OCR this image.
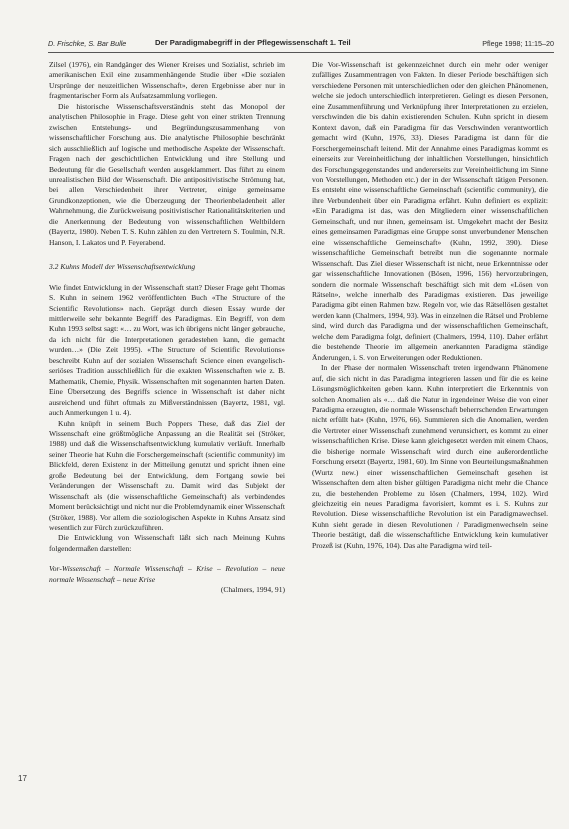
D. Frischke, S. Bar Bulle	Der Paradigmabegriff in der Pflegewissenschaft 1. Teil	Pflege 1998; 11:15–20

Zilsel (1976), ein Randgänger des Wiener Kreises und Sozialist, schrieb im amerikanischen Exil eine zusammenhängende Studie über «Die sozialen Ursprünge der neuzeitlichen Wissenschaft», deren Ergebnisse aber nur in fragmentarischer Form als Aufsatzsammlung vorliegen.

Die historische Wissenschaftsverständnis steht das Monopol der analytischen Philosophie in Frage. Diese geht von einer strikten Trennung zwischen Entstehungs- und Begründungszusammenhang von wissenschaftlicher Forschung aus. Die analytische Philosophie beschränkt sich ausschließlich auf logische und methodische Aspekte der Wissenschaft. Fragen nach der geschichtlichen Entwicklung und ihre Stellung und Bedeutung für die Gesellschaft werden ausgeklammert. Das führt zu einem unrealistischen Bild der Wissenschaft. Die antipositivistische Strömung hat, bei allen Verschiedenheit ihrer Vertreter, einige gemeinsame Grundkonzeptionen, wie die Überzeugung der Theorienbeladenheit aller Wahrnehmung, die Zurückweisung positivistischer Rationalitätskriterien und die Anerkennung der Bedeutung von wissenschaftlichen Weltbildern (Bayertz, 1980). Neben T. S. Kuhn zählen zu den Vertretern S. Toulmin, N.R. Hanson, I. Lakatos und P. Feyerabend.

3.2 Kuhns Modell der Wissenschaftsentwicklung

Wie findet Entwicklung in der Wissenschaft statt? Dieser Frage geht Thomas S. Kuhn in seinem 1962 veröffentlichten Buch «The Structure of the Scientific Revolutions» nach. Geprägt durch diesen Essay wurde der mittlerweile sehr bekannte Begriff des Paradigmas. Ein Begriff, von dem Kuhn 1993 selbst sagt: «… zu Wort, was ich übrigens nicht länger gebrauche, da ich nicht für die Interpretationen geradestehen kann, die gemacht wurden…» (Die Zeit 1995). «The Structure of Scientific Revolutions» beschreibt Kuhn auf der sozialen Wissenschaft Science einen evangelisch-seriöses Tradition ausschließlich für die exakten Wissenschaften wie z. B. Mathematik, Chemie, Physik. Wissenschaften mit sogenannten harten Daten. Eine Übersetzung des Begriffs science in Wissenschaft ist daher nicht ausreichend und führt oftmals zu Mißverständnissen (Bayertz, 1981, vgl. auch Anmerkungen 1 u. 4).

Kuhn knüpft in seinem Buch Poppers These, daß das Ziel der Wissenschaft eine größtmögliche Anpassung an die Realität sei (Ströker, 1988) und daß die Wissenschaftsentwicklung kumulativ verläuft. Innerhalb seiner Theorie hat Kuhn die Forschergemeinschaft (scientific community) im Blickfeld, deren Existenz in der Mitteilung genutzt und spricht ihnen eine große Bedeutung bei der Entwicklung, dem Fortgang sowie bei Veränderungen der Wissenschaft zu. Damit wird das Subjekt der Wissenschaft als (die wissenschaftliche Gemeinschaft) als verbindendes Moment berücksichtigt und nicht nur die Problemdynamik einer Wissenschaft (Ströker, 1988). Vor allem die soziologischen Aspekte in Kuhns Ansatz sind wesentlich zur Fürch zurückzuführen.

Die Entwicklung von Wissenschaft läßt sich nach Meinung Kuhns folgendermaßen darstellen:

Vor-Wissenschaft – Normale Wissenschaft – Krise – Revolution – neue normale Wissenschaft – neue Krise
(Chalmers, 1994, 91)

Die Vor-Wissenschaft ist gekennzeichnet durch ein mehr oder weniger zufälliges Zusammentragen von Fakten. In dieser Periode beschäftigen sich verschiedene Personen mit unterschiedlichen oder den gleichen Phänomenen, welche sie jedoch unterschiedlich interpretieren. Gelingt es diesen Personen, eine Zusammenführung und Verknüpfung ihrer Interpretationen zu erzielen, verschwinden die bis dahin existierenden Schulen. Kuhn spricht in diesem Kontext davon, daß ein Paradigma für das Verschwinden verantwortlich gemacht wird (Kuhn, 1976, 33). Dieses Paradigma ist dann für die Forschergemeinschaft leitend. Mit der Annahme eines Paradigmas kommt es einerseits zur Vereinheitlichung der inhaltlichen Vorstellungen, hinsichtlich des Forschungsgegenstandes und andererseits zur Vereinheitlichung im Sinne von Vorstellungen, Methoden etc.) der in der Wissenschaft tätigen Personen. Es entsteht eine wissenschaftliche Gemeinschaft (scientific community), die ihre Verbundenheit über ein Paradigma erfährt. Kuhn definiert es explizit: «Ein Paradigma ist das, was den Mitgliedern einer wissenschaftlichen Gemeinschaft, und nur ihnen, gemeinsam ist. Umgekehrt macht der Besitz eines gemeinsamen Paradigmas eine Gruppe sonst unverbundener Menschen eine wissenschaftliche Gemeinschaft» (Kuhn, 1992, 390). Diese wissenschaftliche Gemeinschaft betreibt nun die sogenannte normale Wissenschaft. Das Ziel dieser Wissenschaft ist nicht, neue Erkenntnisse oder gar wissenschaftliche Innovationen (Bösen, 1996, 156) hervorzubringen, sondern die normale Wissenschaft beschäftigt sich mit dem «Lösen von Rätseln», welche innerhalb des Paradigmas existieren. Das jeweilige Paradigma gibt einen Rahmen bzw. Regeln vor, wie das Rätsellösen gestaltet werden kann (Chalmers, 1994, 93). Was in einzelnen die Rätsel und Probleme sind, wird durch das Paradigma und der wissenschaftlichen Gemeinschaft, welche dem Paradigma folgt, definiert (Chalmers, 1994, 110). Daher erfährt die bestehende Theorie im allgemein anerkannten Paradigma ständige Änderungen, i. S. von Erweiterungen oder Reduktionen.

In der Phase der normalen Wissenschaft treten irgendwann Phänomene auf, die sich nicht in das Paradigma integrieren lassen und für die es keine Lösungsmöglichkeiten geben kann. Kuhn interpretiert die Erkenntnis von solchen Anomalien als «… daß die Natur in irgendeiner Weise die von einer Paradigma erzeugten, die normale Wissenschaft beherrschenden Erwartungen nicht erfüllt hat» (Kuhn, 1976, 66). Summieren sich die Anomalien, werden die Vertreter einer Wissenschaft zunehmend verunsichert, es kommt zu einer wissenschaftlichen Krise. Diese kann gleichgesetzt werden mit einem Chaos, die bisherige normale Wissenschaft wird durch eine außerordentliche Forschung ersetzt (Bayertz, 1981, 60). Im Sinne von Beurteilungsmaßnahmen (Wurtz new.) einer wissenschaftlichen Gemeinschaft gesehen ist Wissenschaften dem alten bisher gültigen Paradigma nicht mehr die Chance zu, die bestehenden Probleme zu lösen (Chalmers, 1994, 102). Wird gleichzeitig ein neues Paradigma favorisiert, kommt es i. S. Kuhns zur Revolution. Diese wissenschaftliche Revolution ist ein Paradigmawechsel. Kuhn sieht gerade in diesen Revolutionen / Paradigmenwechseln seine Theorie bestätigt, daß die wissenschaftliche Entwicklung kein kumulativer Prozeß ist (Kuhn, 1976, 104). Das alte Paradigma wird teil-

17
